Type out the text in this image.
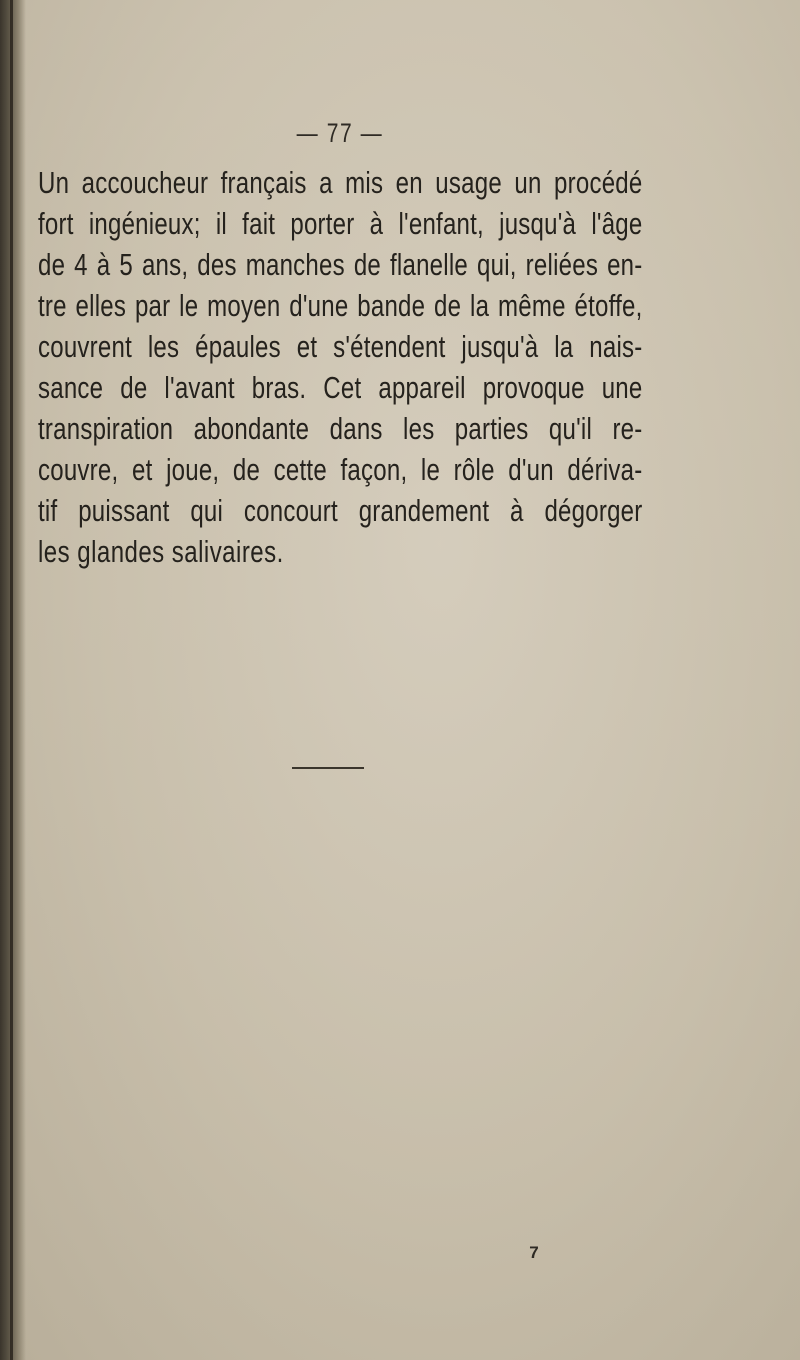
— 77 —
Un accoucheur français a mis en usage un procédé
fort ingénieux; il fait porter à l'enfant, jusqu'à l'âge
de 4 à 5 ans, des manches de flanelle qui, reliées en-
tre elles par le moyen d'une bande de la même étoffe,
couvrent les épaules et s'étendent jusqu'à la nais-
sance de l'avant bras. Cet appareil provoque une
transpiration abondante dans les parties qu'il re-
couvre, et joue, de cette façon, le rôle d'un dériva-
tif puissant qui concourt grandement à dégorger
les glandes salivaires.
7
